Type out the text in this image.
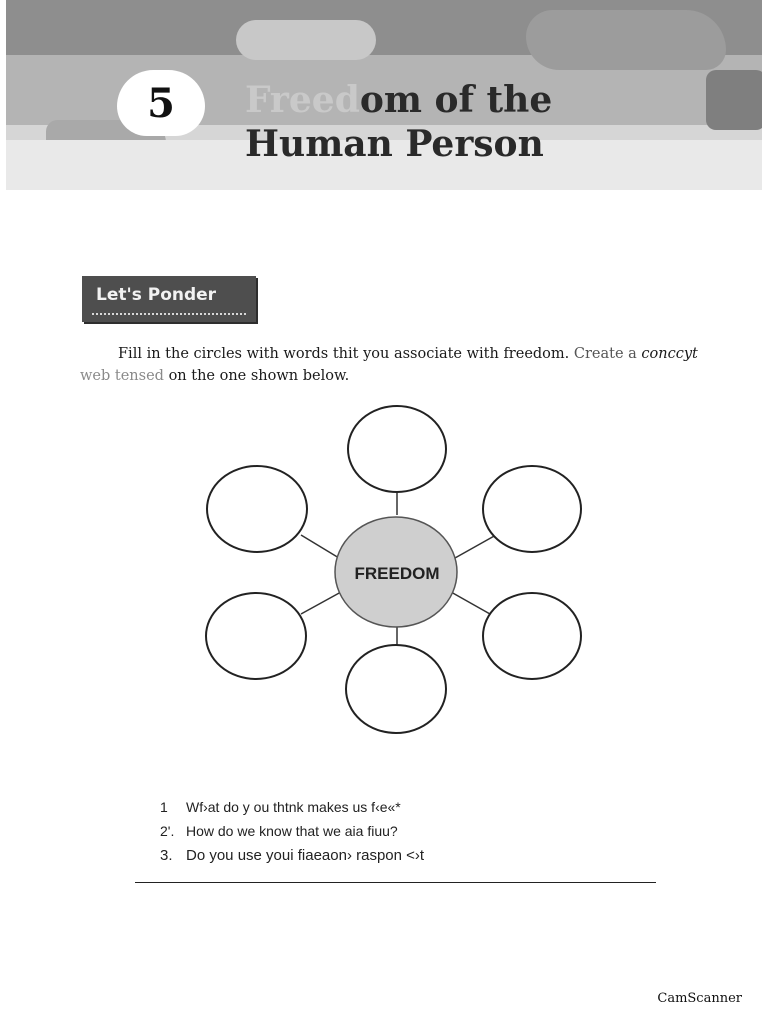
5 Freedom of the
Human Person
Let's Ponder

Fill in the circles with words thit you associate with freedom. Create a conccyt web tensed on the one shown below.

FREEDOM
1 Wf›at do y ou thtnk makes us f‹e«*
2'. How do we know that we aia fiuu?
3. Do you use youi fiaeaon› raspon <›t
CamScanner
